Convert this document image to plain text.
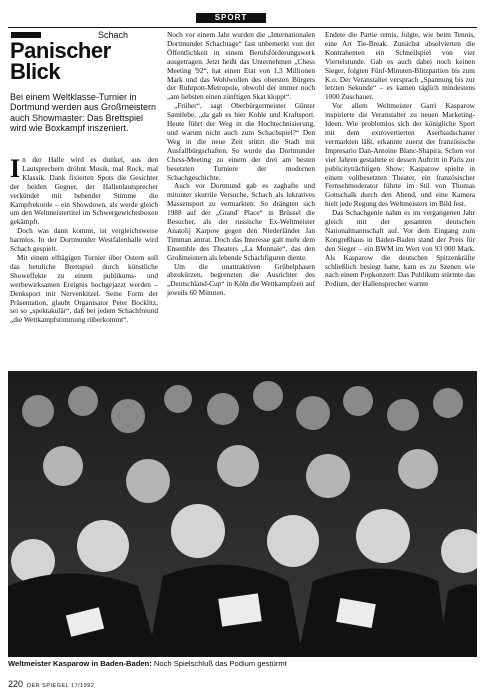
SPORT
Schach
Panischer Blick

Bei einem Weltklasse-Turnier in Dortmund werden aus Großmeistern auch Showmaster: Das Brettspiel wird wie Boxkampf inszeniert.

In der Halle wird es dunkel, aus den Lautsprechern dröhnt Musik, mal Rock, mal Klassik. Dank fixierten Spots die Gesichter der beiden Gegner, der Hallenlautsprecher verkündet mit bebender Stimme die Kampfrekorde – ein Showdown, als werde gleich um den Weltmeistertitel im Schwergewichtsboxen gekämpft.

Doch was dann kommt, ist vergleichsweise harmlos. In der Dortmunder Westfalenhalle wird Schach gespielt.

Mit einem elftägigen Turnier über Ostern soll das betuliche Brettspiel durch künstliche Showeffekte zu einem publikums- und werbewirksamen Ereignis hochgejazzt werden – Denksport mit Nervenkitzel. Seine Form der Präsentation, glaubt Organisator Peter Bocklitz, sei so „spektakulär“, daß bei jedem Schachfreund „die Wettkampfstimmung rüberkommt“.

Noch vor einem Jahr wurden die „Internationalen Dortmunder Schachtage“ fast unbemerkt von der Öffentlichkeit in einem Berufsförderungswerk ausgetragen. Jetzt heißt das Unternehmen „Chess Meeting '92“, hat einen Etat von 1,3 Millionen Mark und das Wohlwollen des obersten Bürgers der Ruhrpott-Metropole, obwohl der immer noch „am liebsten einen zünftigen Skat kloppt“.

„Früher“, sagt Oberbürgermeister Günter Samtlebe, „da gab es hier Kohle und Kraftsport. Heute führt der Weg in die Hochtechnisierung, und warum nicht auch zum Schachspiel?“ Den Weg in die neue Zeit stützt die Stadt mit Ausfallbürgschaften. So wurde das Dortmunder Chess-Meeting zu einem der drei am besten besetzten Turniere der modernen Schachgeschichte.

Auch vor Dortmund gab es zaghafte und mitunter skurrile Versuche, Schach als lukratives Massensport zu vermarkten. So drängten sich 1988 auf der „Grand' Place“ in Brüssel die Besucher, als der russische Ex-Weltmeister Anatolij Karpow gegen den Niederländer Jan Timman antrat. Doch das Interesse galt mehr dem Ensemble des Theaters „La Monnaie“, das den Großmeistern als lebende Schachfiguren diente.

Um die unattraktiven Grübelphasen abzukürzen, begrenzten die Ausrichter des „Deutschland-Cup“ in Köln die Wettkampfzeit auf jeweils 60 Minuten.

Endete die Partie remis, folgte, wie beim Tennis, eine Art Tie-Break. Zunächst absolvierten die Kontrahenten ein Schnellspiel von vier Viertelstunde. Gab es auch dabei noch keinen Sieger, folgten Fünf-Minuten-Blitzpartien bis zum K.o. Der Veranstalter versprach „Spannung bis zur letzten Sekunde“ – es kamen täglich mindestens 1000 Zuschauer.

Vor allem Weltmeister Garri Kasparow inspirierte die Veranstalter zu neuen Marketing-Ideen. Wie problemlos sich der königliche Sport mit dem extrovertierten Aserbaidschaner vermarkten läßt, erkannte zuerst der französische Impresario Dan-Antoine Blanc-Shapira. Schon vor vier Jahren gestaltete er dessen Auftritt in Paris zur publicityträchtigen Show: Kasparow spielte in einem vollbesetzten Theater, ein französischer Fernsehmoderator führte im Stil von Thomas Gottschalk durch den Abend, und eine Kamera hielt jede Regung des Weltmeisters im Bild fest.

Das Schachgenie nahm es im vergangenen Jahr gleich mit der gesamten deutschen Nationalmannschaft auf. Vor dem Eingang zum Kongreßhaus in Baden-Baden stand der Preis für den Sieger – ein BWM im Wert von 93 000 Mark. Als Kasparow die deutschen Spitzenkräfte schließlich besiegt hatte, kam es zu Szenen wie nach einem Popkonzert: Das Publikum stürmte das Podium, der Hallensprecher warnte

Weltmeister Kasparow in Baden-Baden: Noch Spielschluß das Podium gestürmt
220 DER SPIEGEL 17/1992
